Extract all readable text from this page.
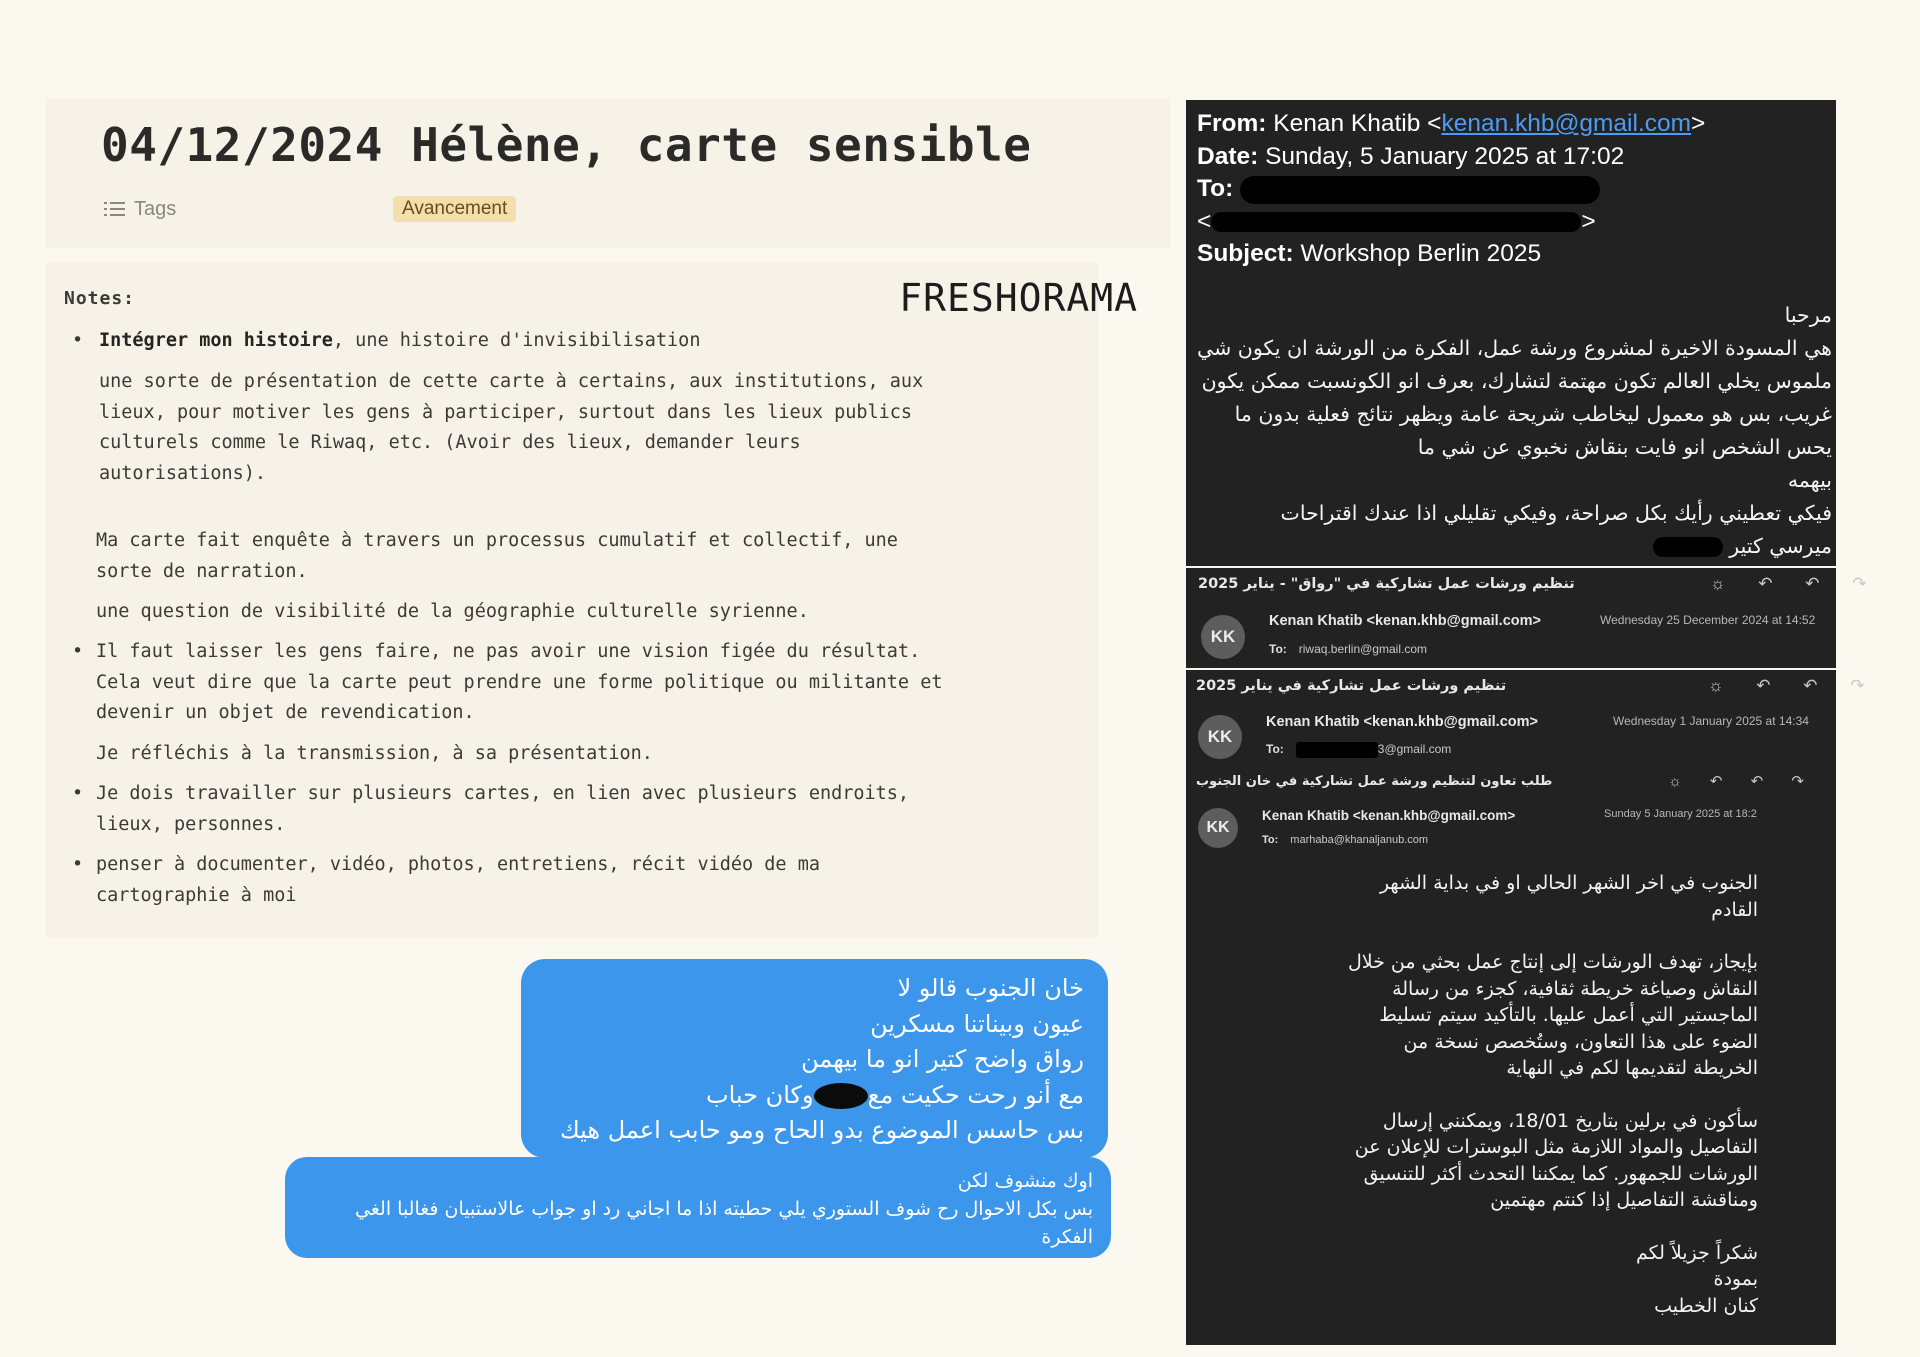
04/12/2024 Hélène, carte sensible
Tags	Avancement
Notes:	FRESHORAMA
• Intégrer mon histoire, une histoire d'invisibilisation

une sorte de présentation de cette carte à certains, aux institutions, aux

lieux, pour motiver les gens à participer, surtout dans les lieux publics

culturels comme le Riwaq, etc. (Avoir des lieux, demander leurs

autorisations).

Ma carte fait enquête à travers un processus cumulatif et collectif, une

sorte de narration.

une question de visibilité de la géographie culturelle syrienne.

• Il faut laisser les gens faire, ne pas avoir une vision figée du résultat.

Cela veut dire que la carte peut prendre une forme politique ou militante et

devenir un objet de revendication.

Je réfléchis à la transmission, à sa présentation.

• Je dois travailler sur plusieurs cartes, en lien avec plusieurs endroits,

lieux, personnes.

• penser à documenter, vidéo, photos, entretiens, récit vidéo de ma

cartographie à moi

خان الجنوب قالو لا
عيون وبيناتنا مسكرين
رواق واضح كتير انو ما بيهمن
مع أنو رحت حكيت معوكان حباب
بس حاسس الموضوع بدو الحاح ومو حابب اعمل هيك
اوك منشوف لكن
بس بكل الاحوال رح شوف الستوري يلي حطيته اذا ما اجاني رد او جواب عالاستبيان فغالبا الغي
الفكرة
From: Kenan Khatib <kenan.khb@gmail.com>
Date: Sunday, 5 January 2025 at 17:02
To:
<	>
Subject: Workshop Berlin 2025
مرحبا
هي المسودة الاخيرة لمشروع ورشة عمل، الفكرة من الورشة ان يكون شي
ملموس يخلي العالم تكون مهتمة لتشارك، بعرف انو الكونسبت ممكن يكون
غريب، بس هو معمول ليخاطب شريحة عامة ويظهر نتائج فعلية بدون ما
يحس الشخص انو فايت بنقاش نخبوي عن شي ما
بيهمه
فيكي تعطيني رأيك بكل صراحة، وفيكي تقليلي اذا عندك اقتراحات
ميرسي كتير
تنظيم ورشات عمل تشاركية في "رواق" - يناير 2025	☼ ↶ ↶ ↷
KK
Kenan Khatib <kenan.khb@gmail.com>
To: riwaq.berlin@gmail.com
Wednesday 25 December 2024 at 14:52
تنظيم ورشات عمل تشاركية في يناير 2025	☼ ↶ ↶ ↷
KK
Kenan Khatib <kenan.khb@gmail.com>
To:	3@gmail.com
Wednesday 1 January 2025 at 14:34
طلب تعاون لتنظيم ورشة عمل تشاركية في خان الجنوب	☼ ↶ ↶ ↷
KK
Kenan Khatib <kenan.khb@gmail.com>
To: marhaba@khanaljanub.com
Sunday 5 January 2025 at 18:2

الجنوب في اخر الشهر الحالي او في بداية الشهر
القادم

بإيجاز، تهدف الورشات إلى إنتاج عمل بحثي من خلال
النقاش وصياغة خريطة ثقافية، كجزء من رسالة
الماجستير التي أعمل عليها. بالتأكيد سيتم تسليط
الضوء على هذا التعاون، وستُخصص نسخة من
الخريطة لتقديمها لكم في النهاية

سأكون في برلين بتاريخ 18/01، ويمكنني إرسال
التفاصيل والمواد اللازمة مثل البوسترات للإعلان عن
الورشات للجمهور. كما يمكننا التحدث أكثر للتنسيق
ومناقشة التفاصيل إذا كنتم مهتمين

شكراً جزيلاً لكم
بمودة
كنان الخطيب
